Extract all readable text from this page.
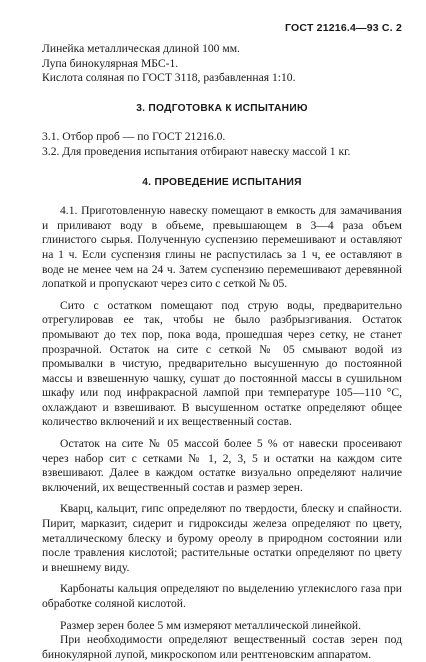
ГОСТ 21216.4—93 С. 2

Линейка металлическая длиной 100 мм.

Лупа бинокулярная МБС-1.

Кислота соляная по ГОСТ 3118, разбавленная 1:10.

3. ПОДГОТОВКА К ИСПЫТАНИЮ

3.1. Отбор проб — по ГОСТ 21216.0.

3.2. Для проведения испытания отбирают навеску массой 1 кг.

4. ПРОВЕДЕНИЕ ИСПЫТАНИЯ

4.1. Приготовленную навеску помещают в емкость для замачивания и приливают воду в объеме, превышающем в 3—4 раза объем глинистого сырья. Полученную суспензию перемешивают и оставляют на 1 ч. Если суспензия глины не распустилась за 1 ч, ее оставляют в воде не менее чем на 24 ч. Затем суспензию перемешивают деревянной лопаткой и пропускают через сито с сеткой № 05.

Сито с остатком помещают под струю воды, предварительно отрегулировав ее так, чтобы не было разбрызгивания. Остаток промывают до тех пор, пока вода, прошедшая через сетку, не станет прозрачной. Остаток на сите с сеткой № 05 смывают водой из промывалки в чистую, предварительно высушенную до постоянной массы и взвешенную чашку, сушат до постоянной массы в сушильном шкафу или под инфракрасной лампой при температуре 105—110 °С, охлаждают и взвешивают. В высушенном остатке определяют общее количество включений и их вещественный состав.

Остаток на сите № 05 массой более 5 % от навески просеивают через набор сит с сетками № 1, 2, 3, 5 и остатки на каждом сите взвешивают. Далее в каждом остатке визуально определяют наличие включений, их вещественный состав и размер зерен.

Кварц, кальцит, гипс определяют по твердости, блеску и спайности. Пирит, марказит, сидерит и гидроксиды железа определяют по цвету, металлическому блеску и бурому ореолу в природном состоянии или после травления кислотой; растительные остатки определяют по цвету и внешнему виду.

Карбонаты кальция определяют по выделению углекислого газа при обработке соляной кислотой.

Размер зерен более 5 мм измеряют металлической линейкой.

При необходимости определяют вещественный состав зерен под бинокулярной лупой, микроскопом или рентгеновским аппаратом.
